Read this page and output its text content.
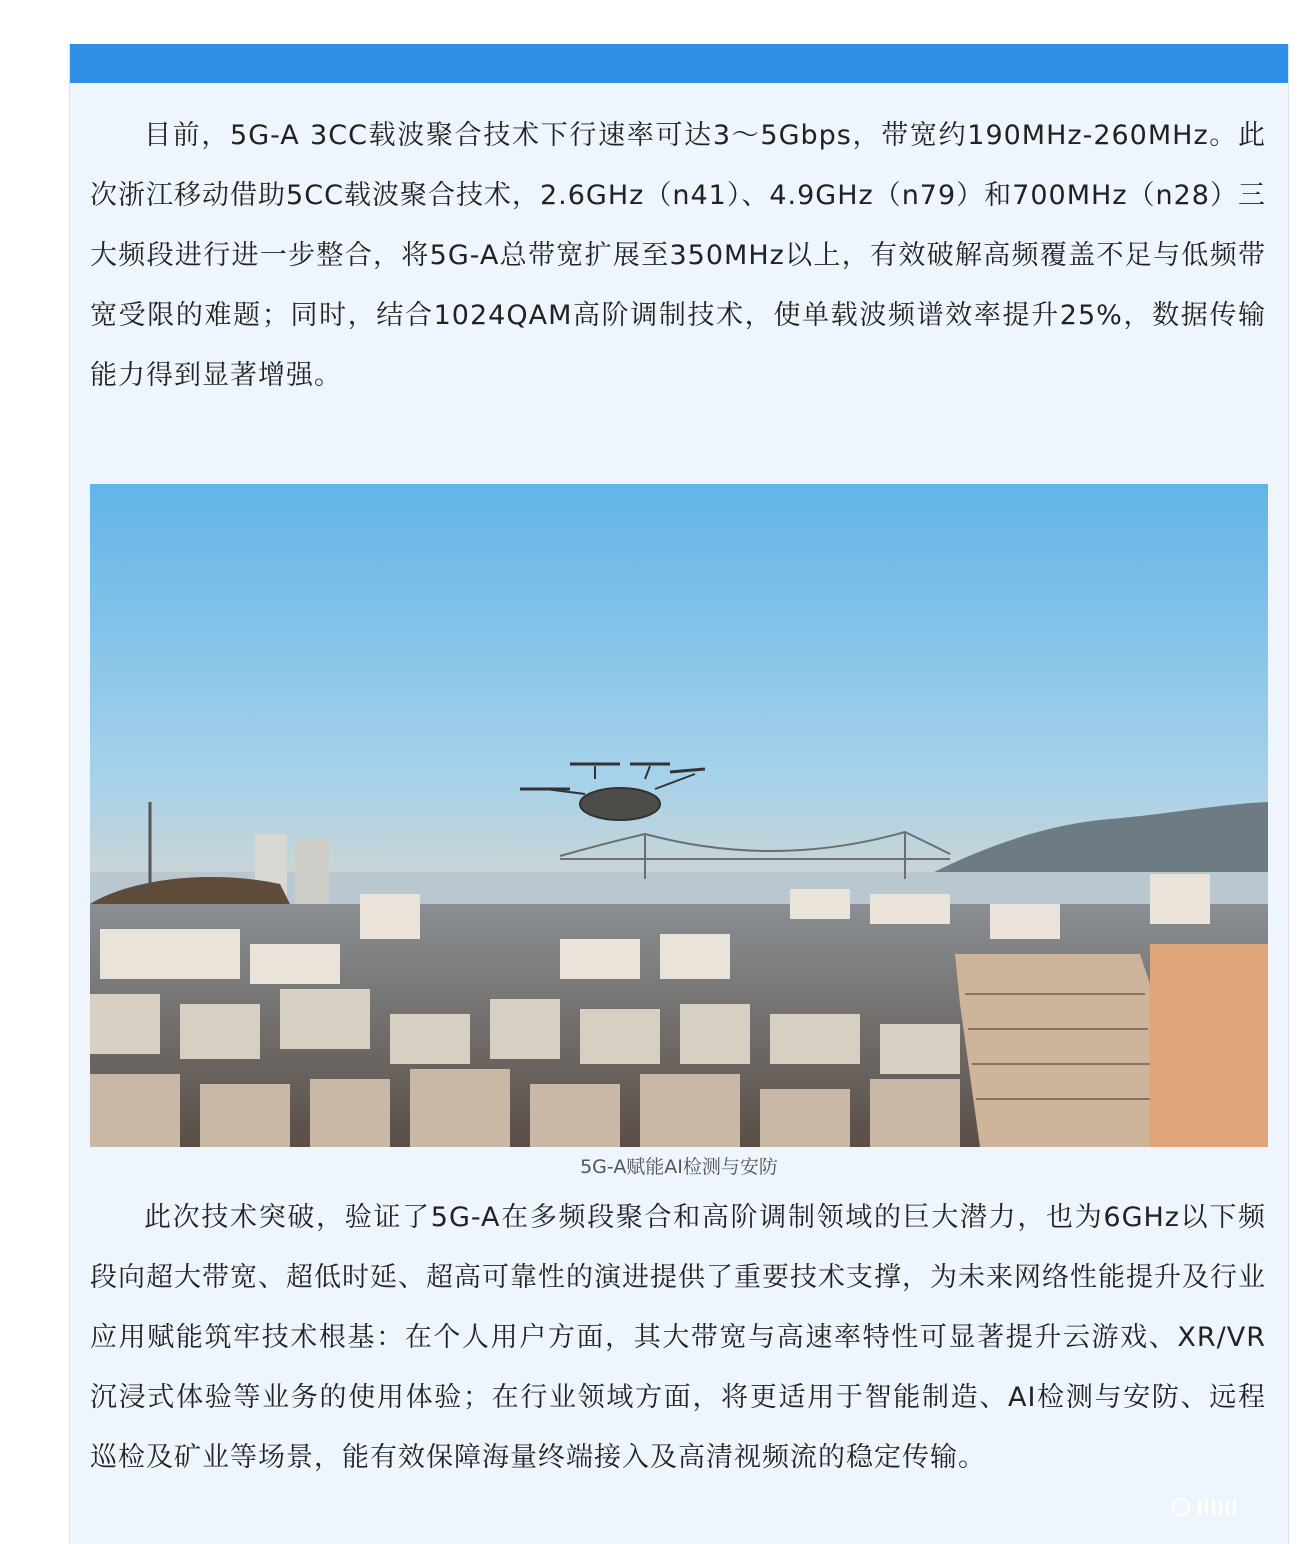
目前，5G-A 3CC载波聚合技术下行速率可达3～5Gbps，带宽约190MHz-260MHz。此次浙江移动借助5CC载波聚合技术，2.6GHz（n41）、4.9GHz（n79）和700MHz（n28）三大频段进行进一步整合，将5G-A总带宽扩展至350MHz以上，有效破解高频覆盖不足与低频带宽受限的难题；同时，结合1024QAM高阶调制技术，使单载波频谱效率提升25%，数据传输能力得到显著增强。

5G-A赋能AI检测与安防

此次技术突破，验证了5G-A在多频段聚合和高阶调制领域的巨大潜力，也为6GHz以下频段向超大带宽、超低时延、超高可靠性的演进提供了重要技术支撑，为未来网络性能提升及行业应用赋能筑牢技术根基：在个人用户方面，其大带宽与高速率特性可显著提升云游戏、XR/VR沉浸式体验等业务的使用体验；在行业领域方面，将更适用于智能制造、AI检测与安防、远程巡检及矿业等场景，能有效保障海量终端接入及高清视频流的稳定传输。
